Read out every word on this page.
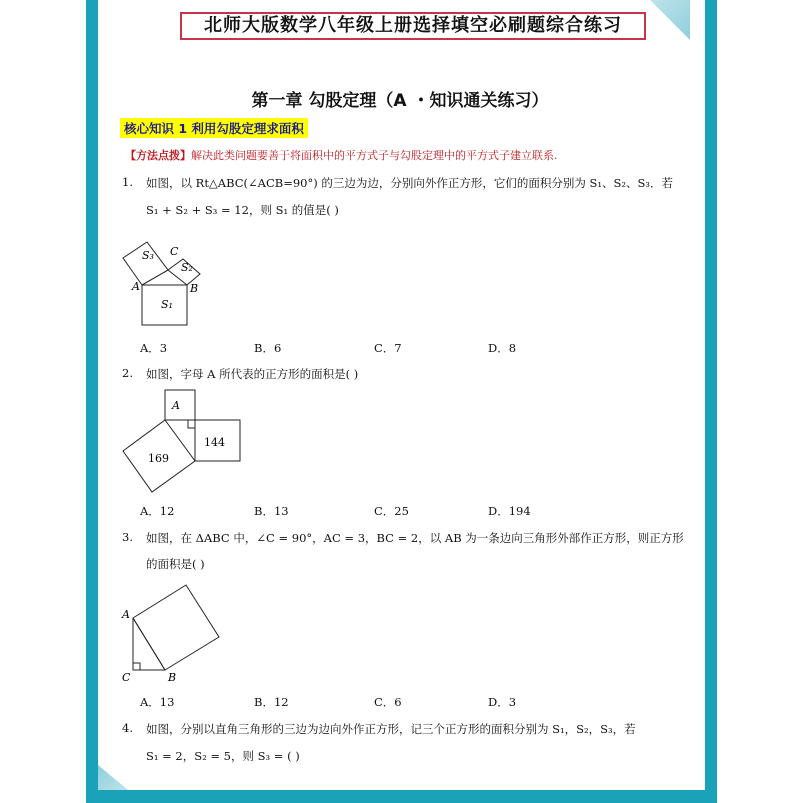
北师大版数学八年级上册选择填空必刷题综合练习
第一章 勾股定理（A ・知识通关练习）
核心知识 1 利用勾股定理求面积
【方法点拨】解决此类问题要善于将面积中的平方式子与勾股定理中的平方式子建立联系.
1. 如图，以 Rt△ABC(∠ACB=90°) 的三边为边，分别向外作正方形，它们的面积分别为 S₁、S₂、S₃．若
S₁ + S₂ + S₃ = 12，则 S₁ 的值是( )
S₃ C
S₂
A	B
S₁
A．3	B．6	C．7	D．8
2. 如图，字母 A 所代表的正方形的面积是( )
A
144
169
A．12	B．13	C．25	D．194
3. 如图，在 ΔABC 中，∠C = 90°，AC = 3，BC = 2，以 AB 为一条边向三角形外部作正方形，则正方形
的面积是( )
A
C	B
A．13	B．12	C．6	D．3
4. 如图，分别以直角三角形的三边为边向外作正方形，记三个正方形的面积分别为 S₁，S₂，S₃，若
S₁ = 2，S₂ = 5，则 S₃ = ( )
